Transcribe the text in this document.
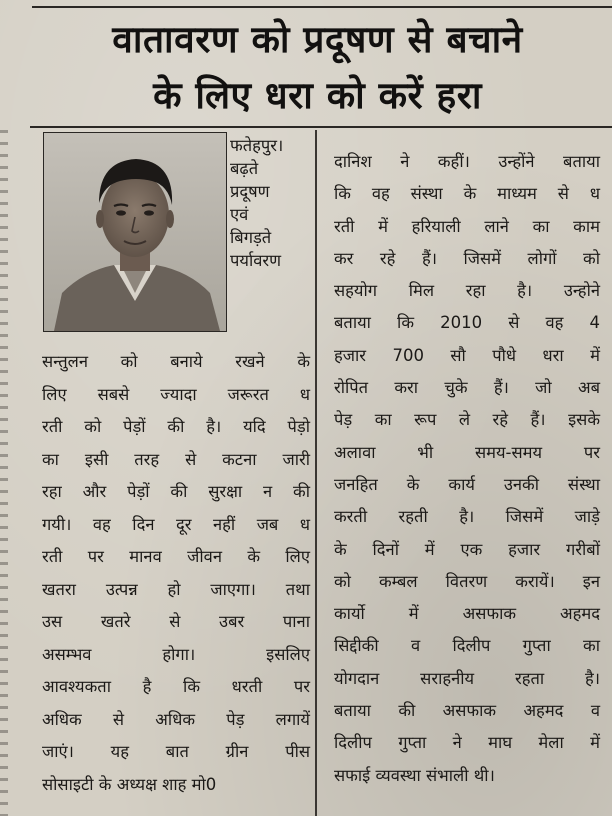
वातावरण को प्रदूषण से बचाने
के लिए धरा को करें हरा
फतेहपुर।
बढ़ते
प्रदूषण
एवं
बिगड़ते
पर्यावरण
सन्तुलन को बनाये रखने के
लिए सबसे ज्यादा जरूरत ध
रती को पेड़ों की है। यदि पेड़ो
का इसी तरह से कटना जारी
रहा और पेड़ों की सुरक्षा न की
गयी। वह दिन दूर नहीं जब ध
रती पर मानव जीवन के लिए
खतरा उत्पन्न हो जाएगा। तथा
उस खतरे से उबर पाना
असम्भव होगा। इसलिए
आवश्यकता है कि धरती पर
अधिक से अधिक पेड़ लगायें
जाएं। यह बात ग्रीन पीस
सोसाइटी के अध्यक्ष शाह मो0
दानिश ने कहीं। उन्होंने बताया
कि वह संस्था के माध्यम से ध
रती में हरियाली लाने का काम
कर रहे हैं। जिसमें लोगों को
सहयोग मिल रहा है। उन्होने
बताया कि 2010 से वह 4
हजार 700 सौ पौधे धरा में
रोपित करा चुके हैं। जो अब
पेड़ का रूप ले रहे हैं। इसके
अलावा भी समय-समय पर
जनहित के कार्य उनकी संस्था
करती रहती है। जिसमें जाड़े
के दिनों में एक हजार गरीबों
को कम्बल वितरण करायें। इन
कार्यो में असफाक अहमद
सिद्दीकी व दिलीप गुप्ता का
योगदान सराहनीय रहता है।
बताया की असफाक अहमद व
दिलीप गुप्ता ने माघ मेला में
सफाई व्यवस्था संभाली थी।
